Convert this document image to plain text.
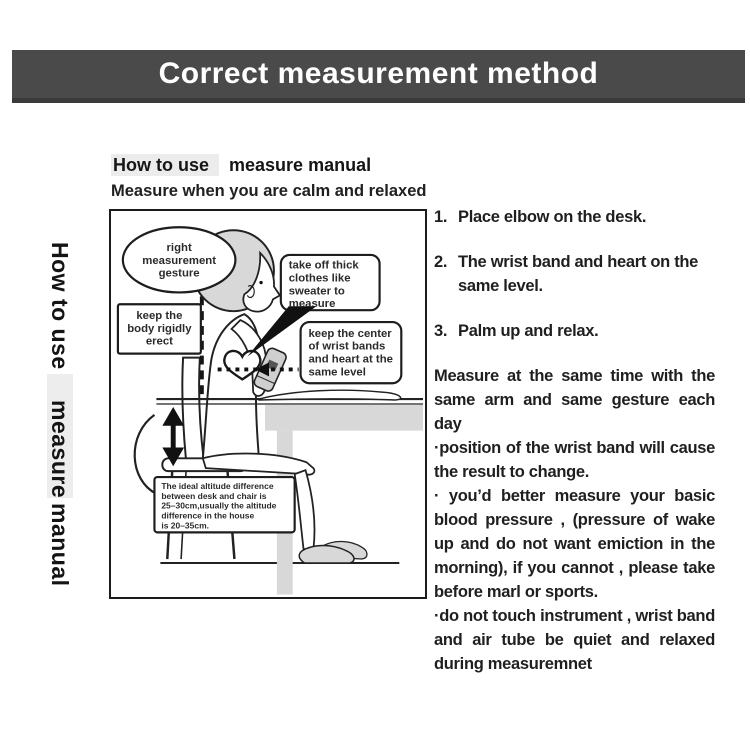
Correct measurement method
How to usemeasuremanual
How to use measure manual
Measure when you are calm and relaxed
right
measurement
gesture
keep the
body rigidly
erect
take off thick
clothes like
sweater to
measure
keep the center
of wrist bands
and heart at the
same level
The ideal altitude difference
between desk and chair is
25–30cm,usually the altitude
difference in the house
is 20–35cm.
1. Place elbow on the desk.
2. The wrist band and heart on the same level.
3. Palm up and relax.

Measure at the same time with the same arm and same gesture each day

·position of the wrist band will cause the result to change.

· you’d better measure your basic blood pressure , (pressure of wake up and do not want emiction in the morning), if you cannot , please take before marl or sports.

·do not touch instrument , wrist band and air tube be quiet and relaxed during measuremnet
